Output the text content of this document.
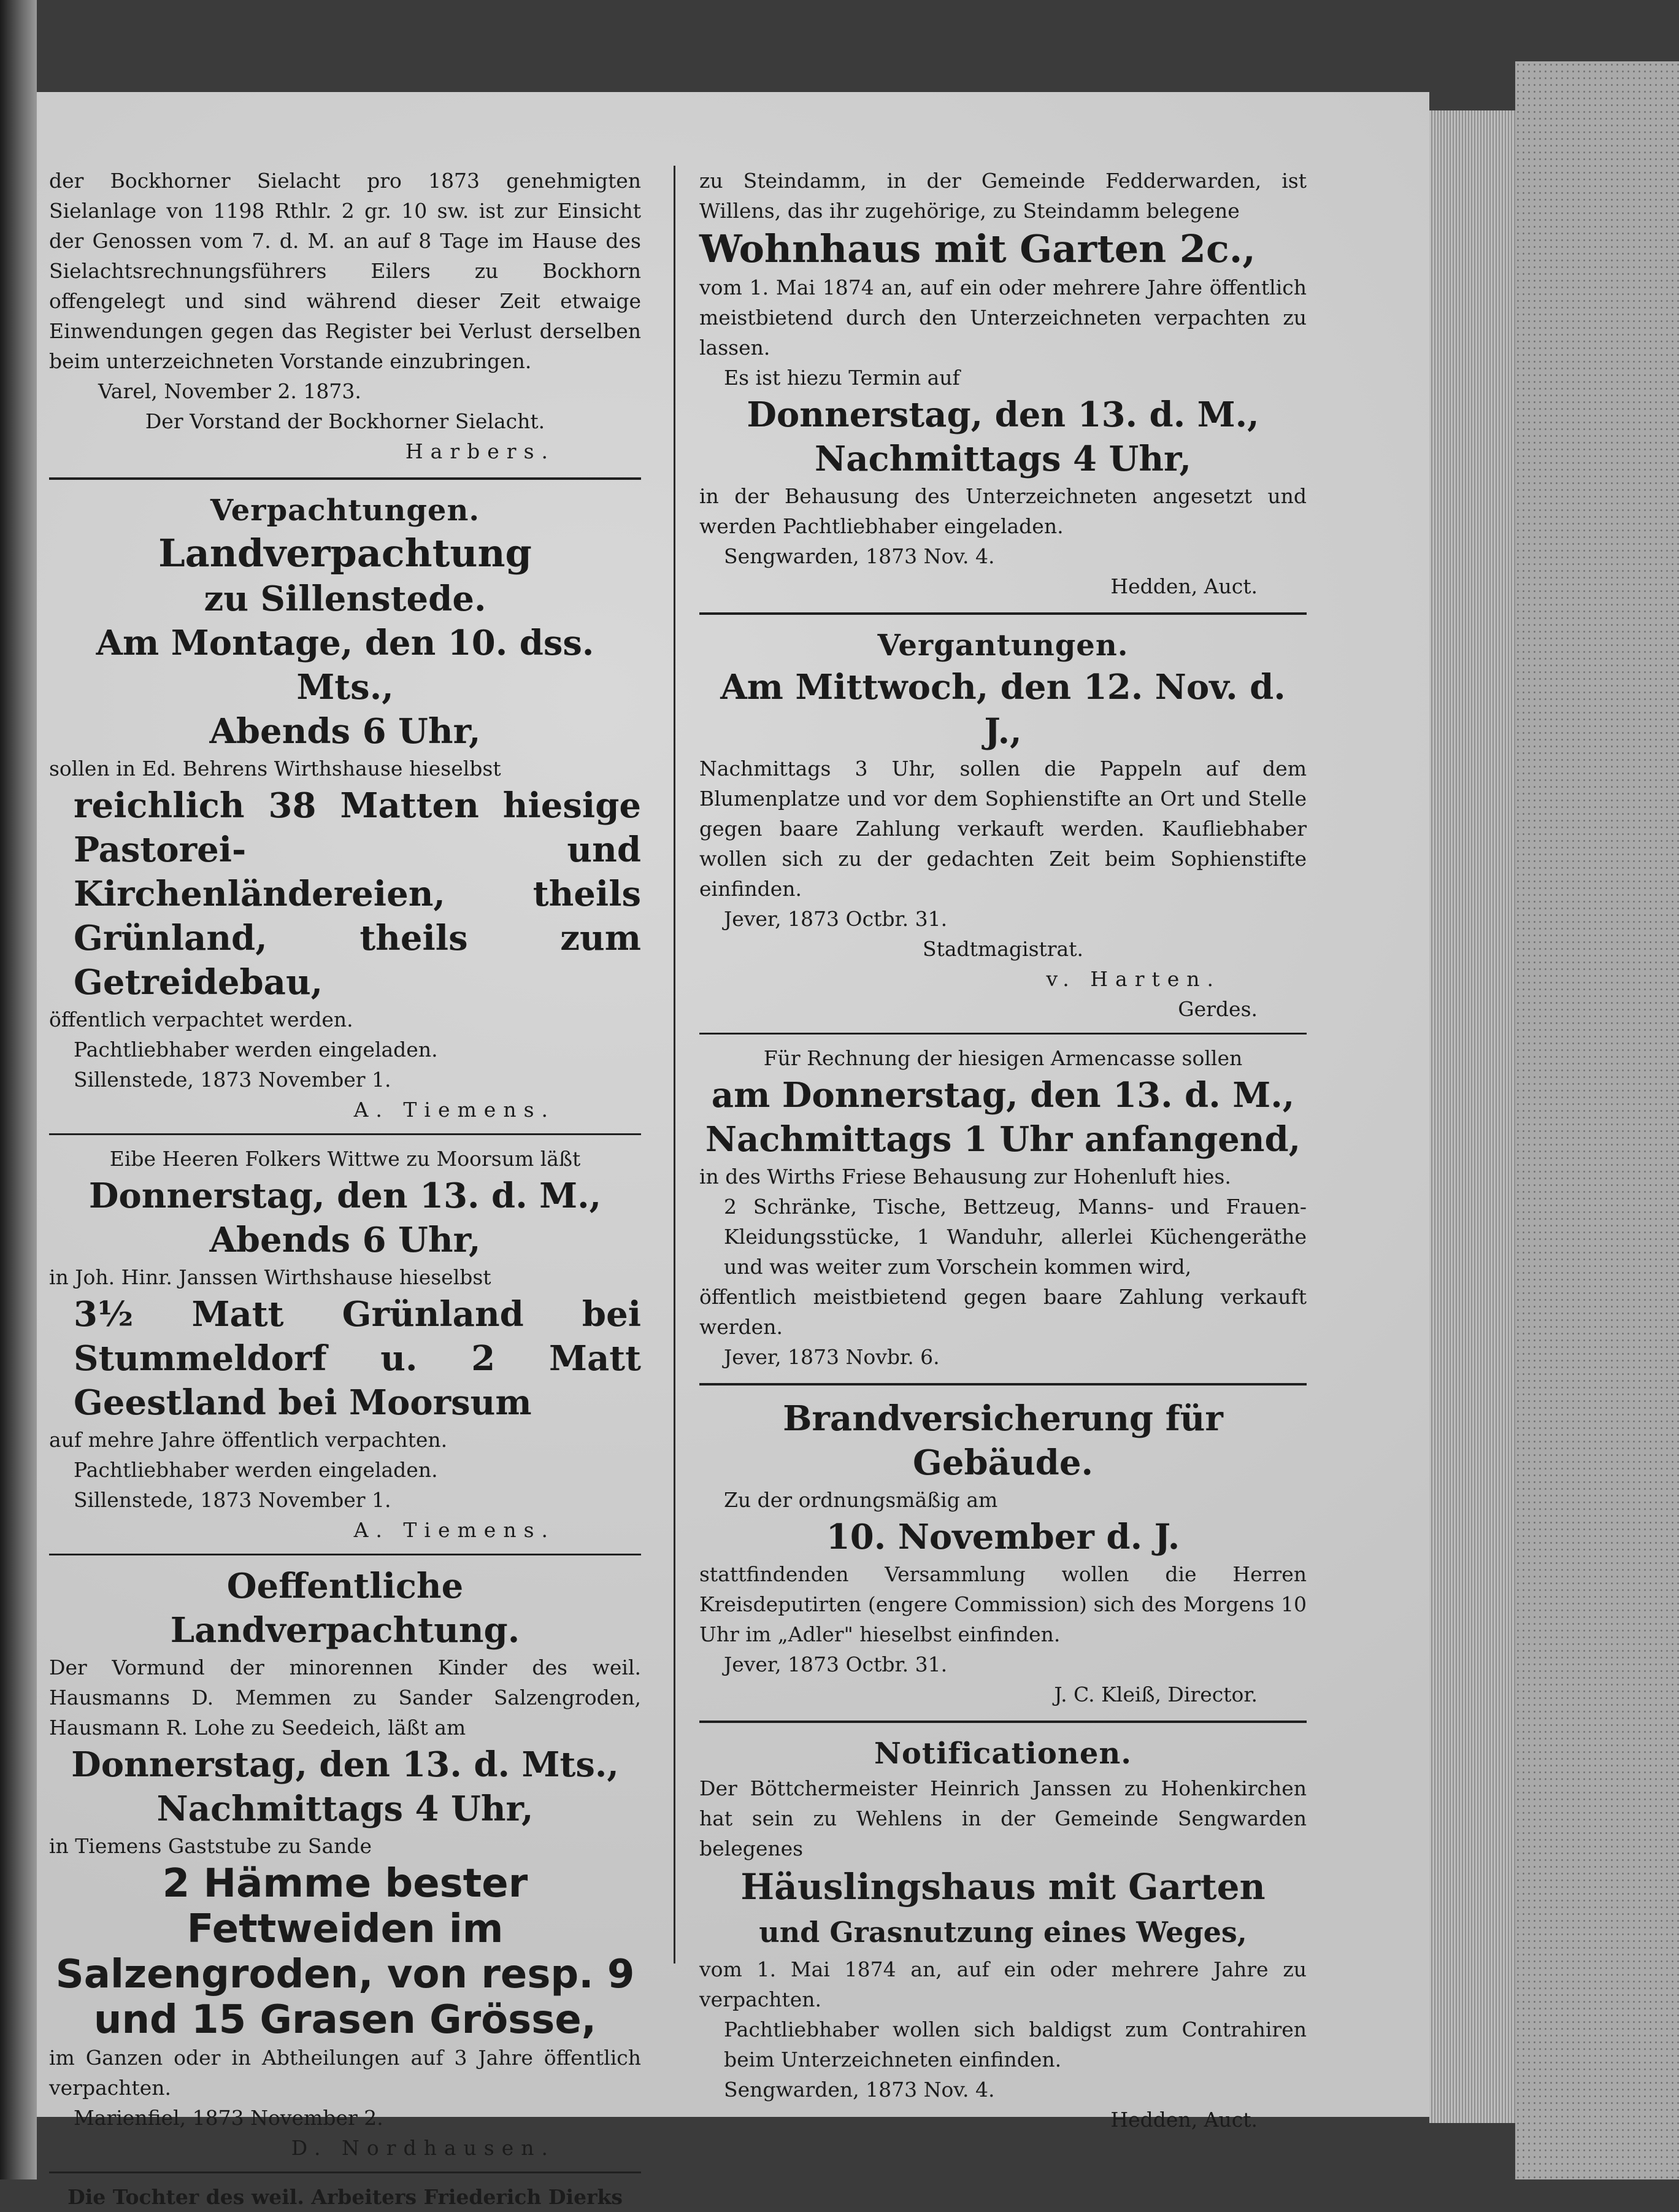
der Bockhorner Sielacht pro 1873 genehmigten Sielanlage von 1198 Rthlr. 2 gr. 10 sw. ist zur Einsicht der Genossen vom 7. d. M. an auf 8 Tage im Hause des Sielachtsrechnungsführers Eilers zu Bockhorn offengelegt und sind während dieser Zeit etwaige Einwendungen gegen das Register bei Verlust derselben beim unterzeichneten Vorstande einzubringen.

Varel, November 2. 1873.

Der Vorstand der Bockhorner Sielacht.

Harbers.

Verpachtungen.

Landverpachtung

zu Sillenstede.

Am Montage, den 10. dss. Mts.,

Abends 6 Uhr,

sollen in Ed. Behrens Wirthshause hieselbst

reichlich 38 Matten hiesige Pastorei- und Kirchenländereien, theils Grünland, theils zum Getreidebau,

öffentlich verpachtet werden.

Pachtliebhaber werden eingeladen.

Sillenstede, 1873 November 1.

A. Tiemens.

Eibe Heeren Folkers Wittwe zu Moorsum läßt

Donnerstag, den 13. d. M.,

Abends 6 Uhr,

in Joh. Hinr. Janssen Wirthshause hieselbst

3½ Matt Grünland bei Stummeldorf u. 2 Matt Geestland bei Moorsum

auf mehre Jahre öffentlich verpachten.

Pachtliebhaber werden eingeladen.

Sillenstede, 1873 November 1.

A. Tiemens.

Oeffentliche Landverpachtung.

Der Vormund der minorennen Kinder des weil. Hausmanns D. Memmen zu Sander Salzengroden, Hausmann R. Lohe zu Seedeich, läßt am

Donnerstag, den 13. d. Mts.,

Nachmittags 4 Uhr,

in Tiemens Gaststube zu Sande

2 Hämme bester Fettweiden im Salzengroden, von resp. 9 und 15 Grasen Grösse,

im Ganzen oder in Abtheilungen auf 3 Jahre öffentlich verpachten.

Marienfiel, 1873 November 2.

D. Nordhausen.

Die Tochter des weil. Arbeiters Friederich Dierks

zu Steindamm, in der Gemeinde Fedderwarden, ist Willens, das ihr zugehörige, zu Steindamm belegene

Wohnhaus mit Garten 2c.,

vom 1. Mai 1874 an, auf ein oder mehrere Jahre öffentlich meistbietend durch den Unterzeichneten verpachten zu lassen.

Es ist hiezu Termin auf

Donnerstag, den 13. d. M.,

Nachmittags 4 Uhr,

in der Behausung des Unterzeichneten angesetzt und werden Pachtliebhaber eingeladen.

Sengwarden, 1873 Nov. 4.

Hedden, Auct.

Vergantungen.

Am Mittwoch, den 12. Nov. d. J.,

Nachmittags 3 Uhr, sollen die Pappeln auf dem Blumenplatze und vor dem Sophienstifte an Ort und Stelle gegen baare Zahlung verkauft werden. Kaufliebhaber wollen sich zu der gedachten Zeit beim Sophienstifte einfinden.

Jever, 1873 Octbr. 31.

Stadtmagistrat.

v. Harten.

Gerdes.

Für Rechnung der hiesigen Armencasse sollen

am Donnerstag, den 13. d. M., Nachmittags 1 Uhr anfangend,

in des Wirths Friese Behausung zur Hohenluft hies.

2 Schränke, Tische, Bettzeug, Manns- und Frauen-Kleidungsstücke, 1 Wanduhr, allerlei Küchengeräthe und was weiter zum Vorschein kommen wird,

öffentlich meistbietend gegen baare Zahlung verkauft werden.

Jever, 1873 Novbr. 6.

Brandversicherung für Gebäude.

Zu der ordnungsmäßig am

10. November d. J.

stattfindenden Versammlung wollen die Herren Kreisdeputirten (engere Commission) sich des Morgens 10 Uhr im „Adler" hieselbst einfinden.

Jever, 1873 Octbr. 31.

J. C. Kleiß, Director.

Notificationen.

Der Böttchermeister Heinrich Janssen zu Hohenkirchen hat sein zu Wehlens in der Gemeinde Sengwarden belegenes

Häuslingshaus mit Garten

und Grasnutzung eines Weges,

vom 1. Mai 1874 an, auf ein oder mehrere Jahre zu verpachten.

Pachtliebhaber wollen sich baldigst zum Contrahiren beim Unterzeichneten einfinden.

Sengwarden, 1873 Nov. 4.

Hedden, Auct.
